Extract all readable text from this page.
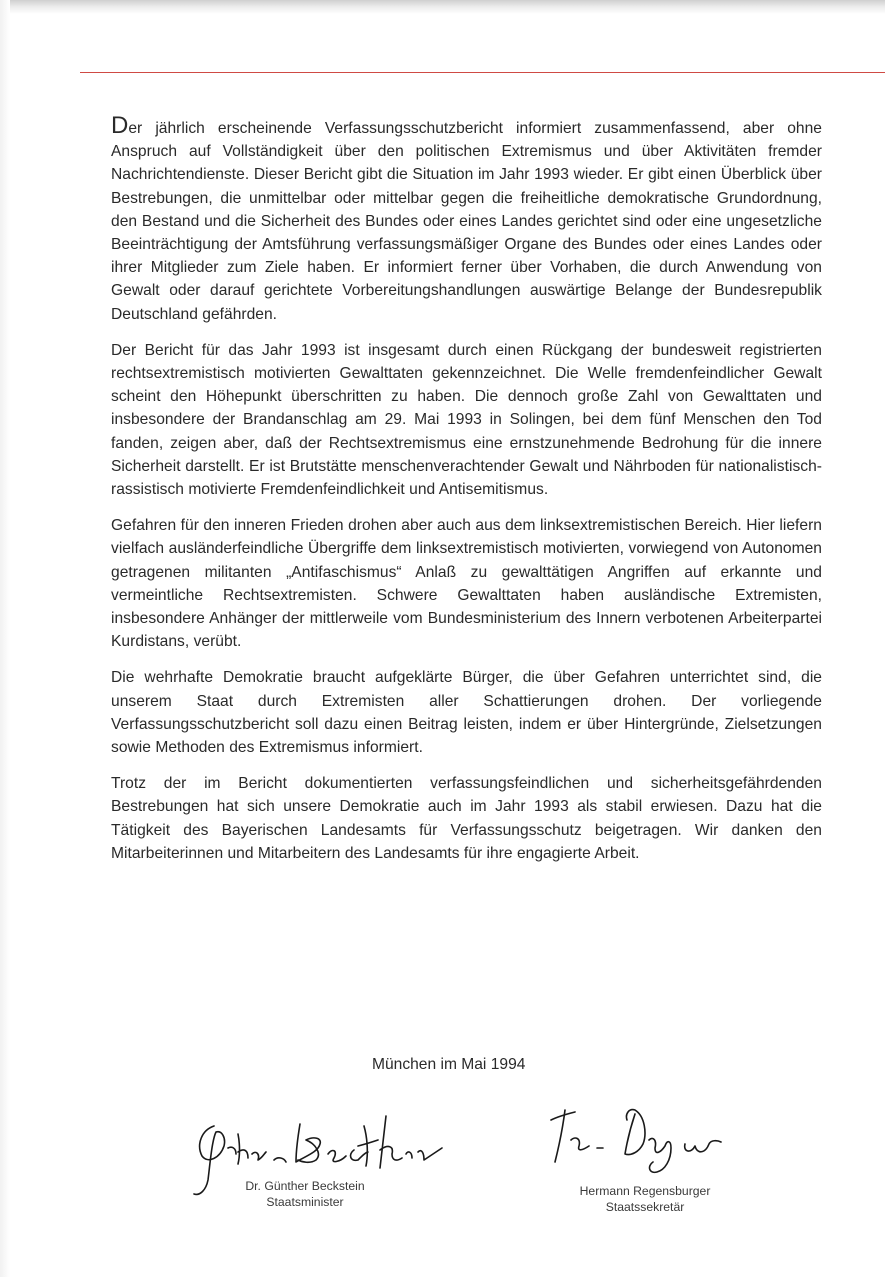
Der jährlich erscheinende Verfassungsschutzbericht informiert zusammenfassend, aber ohne Anspruch auf Vollständigkeit über den politischen Extremismus und über Aktivitäten fremder Nachrichtendienste. Dieser Bericht gibt die Situation im Jahr 1993 wieder. Er gibt einen Überblick über Bestrebungen, die unmittelbar oder mittelbar gegen die freiheitliche demokratische Grundordnung, den Bestand und die Sicherheit des Bundes oder eines Landes gerichtet sind oder eine ungesetzliche Beeinträchtigung der Amtsführung verfassungsmäßiger Organe des Bundes oder eines Landes oder ihrer Mitglieder zum Ziele haben. Er informiert ferner über Vorhaben, die durch Anwendung von Gewalt oder darauf gerichtete Vorbereitungshandlungen auswärtige Belange der Bundesrepublik Deutschland gefährden.

Der Bericht für das Jahr 1993 ist insgesamt durch einen Rückgang der bundesweit registrierten rechtsextremistisch motivierten Gewalttaten gekennzeichnet. Die Welle fremdenfeindlicher Gewalt scheint den Höhepunkt überschritten zu haben. Die dennoch große Zahl von Gewalttaten und insbesondere der Brandanschlag am 29. Mai 1993 in Solingen, bei dem fünf Menschen den Tod fanden, zeigen aber, daß der Rechtsextremismus eine ernstzunehmende Bedrohung für die innere Sicherheit darstellt. Er ist Brutstätte menschenverachtender Gewalt und Nährboden für nationalistisch-rassistisch motivierte Fremdenfeindlichkeit und Antisemitismus.

Gefahren für den inneren Frieden drohen aber auch aus dem linksextremistischen Bereich. Hier liefern vielfach ausländerfeindliche Übergriffe dem linksextremistisch motivierten, vorwiegend von Autonomen getragenen militanten „Antifaschismus“ Anlaß zu gewalttätigen Angriffen auf erkannte und vermeintliche Rechtsextremisten. Schwere Gewalttaten haben ausländische Extremisten, insbesondere Anhänger der mittlerweile vom Bundesministerium des Innern verbotenen Arbeiterpartei Kurdistans, verübt.

Die wehrhafte Demokratie braucht aufgeklärte Bürger, die über Gefahren unterrichtet sind, die unserem Staat durch Extremisten aller Schattierungen drohen. Der vorliegende Verfassungsschutzbericht soll dazu einen Beitrag leisten, indem er über Hintergründe, Zielsetzungen sowie Methoden des Extremismus informiert.

Trotz der im Bericht dokumentierten verfassungsfeindlichen und sicherheitsgefährdenden Bestrebungen hat sich unsere Demokratie auch im Jahr 1993 als stabil erwiesen. Dazu hat die Tätigkeit des Bayerischen Landesamts für Verfassungsschutz beigetragen. Wir danken den Mitarbeiterinnen und Mitarbeitern des Landesamts für ihre engagierte Arbeit.

München im Mai 1994
Dr. Günther Beckstein
Staatsminister
Hermann Regensburger
Staatssekretär
